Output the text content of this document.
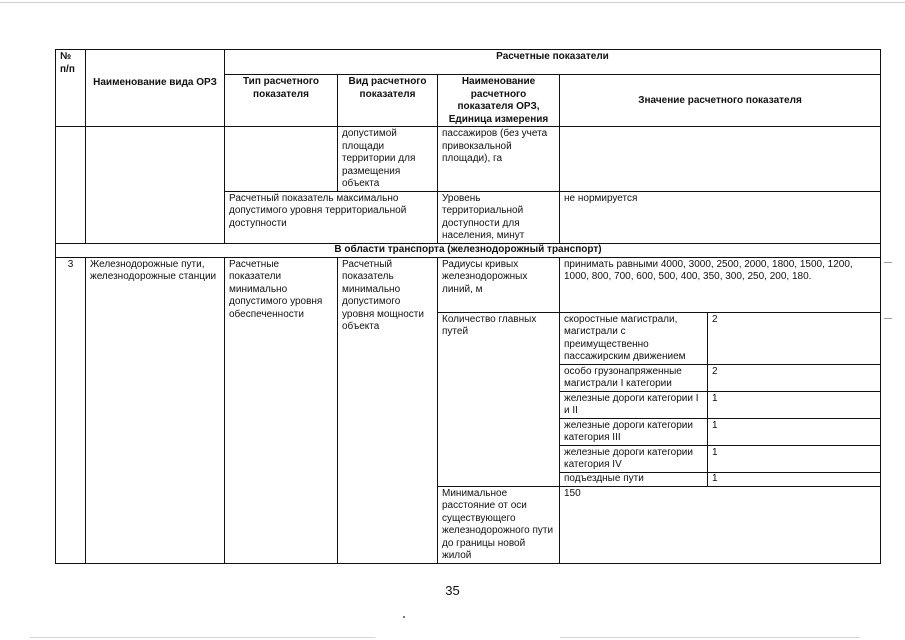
№ п/п	Наименование вида ОРЗ	Расчетные показатели				
		Тип расчетного показателя	Вид расчетного показателя	Наименование расчетного показателя ОРЗ, Единица измерения	Значение расчетного показателя	
			допустимой площади территории для размещения объекта	пассажиров (без учета привокзальной площади), га		
		Расчетный показатель максимально допустимого уровня территориальной доступности		Уровень территориальной доступности для населения, минут	не нормируется	
В области транспорта (железнодорожный транспорт)						
3	Железнодорожные пути, железнодорожные станции	Расчетные показатели минимально допустимого уровня обеспеченности	Расчетный показатель минимально допустимого уровня мощности объекта	Радиусы кривых железнодорожных линий, м	принимать равными 4000, 3000, 2500, 2000, 1800, 1500, 1200, 1000, 800, 700, 600, 500, 400, 350, 300, 250, 200, 180.	
				Количество главных путей	скоростные магистрали, магистрали с преимущественно пассажирским движением	2
					особо грузонапряженные магистрали I категории	2
					железные дороги категории I и II	1
					железные дороги категории категория III	1
					железные дороги категории категория IV	1
					подъездные пути	1
				Минимальное расстояние от оси существующего железнодорожного пути до границы новой жилой	150	
35
